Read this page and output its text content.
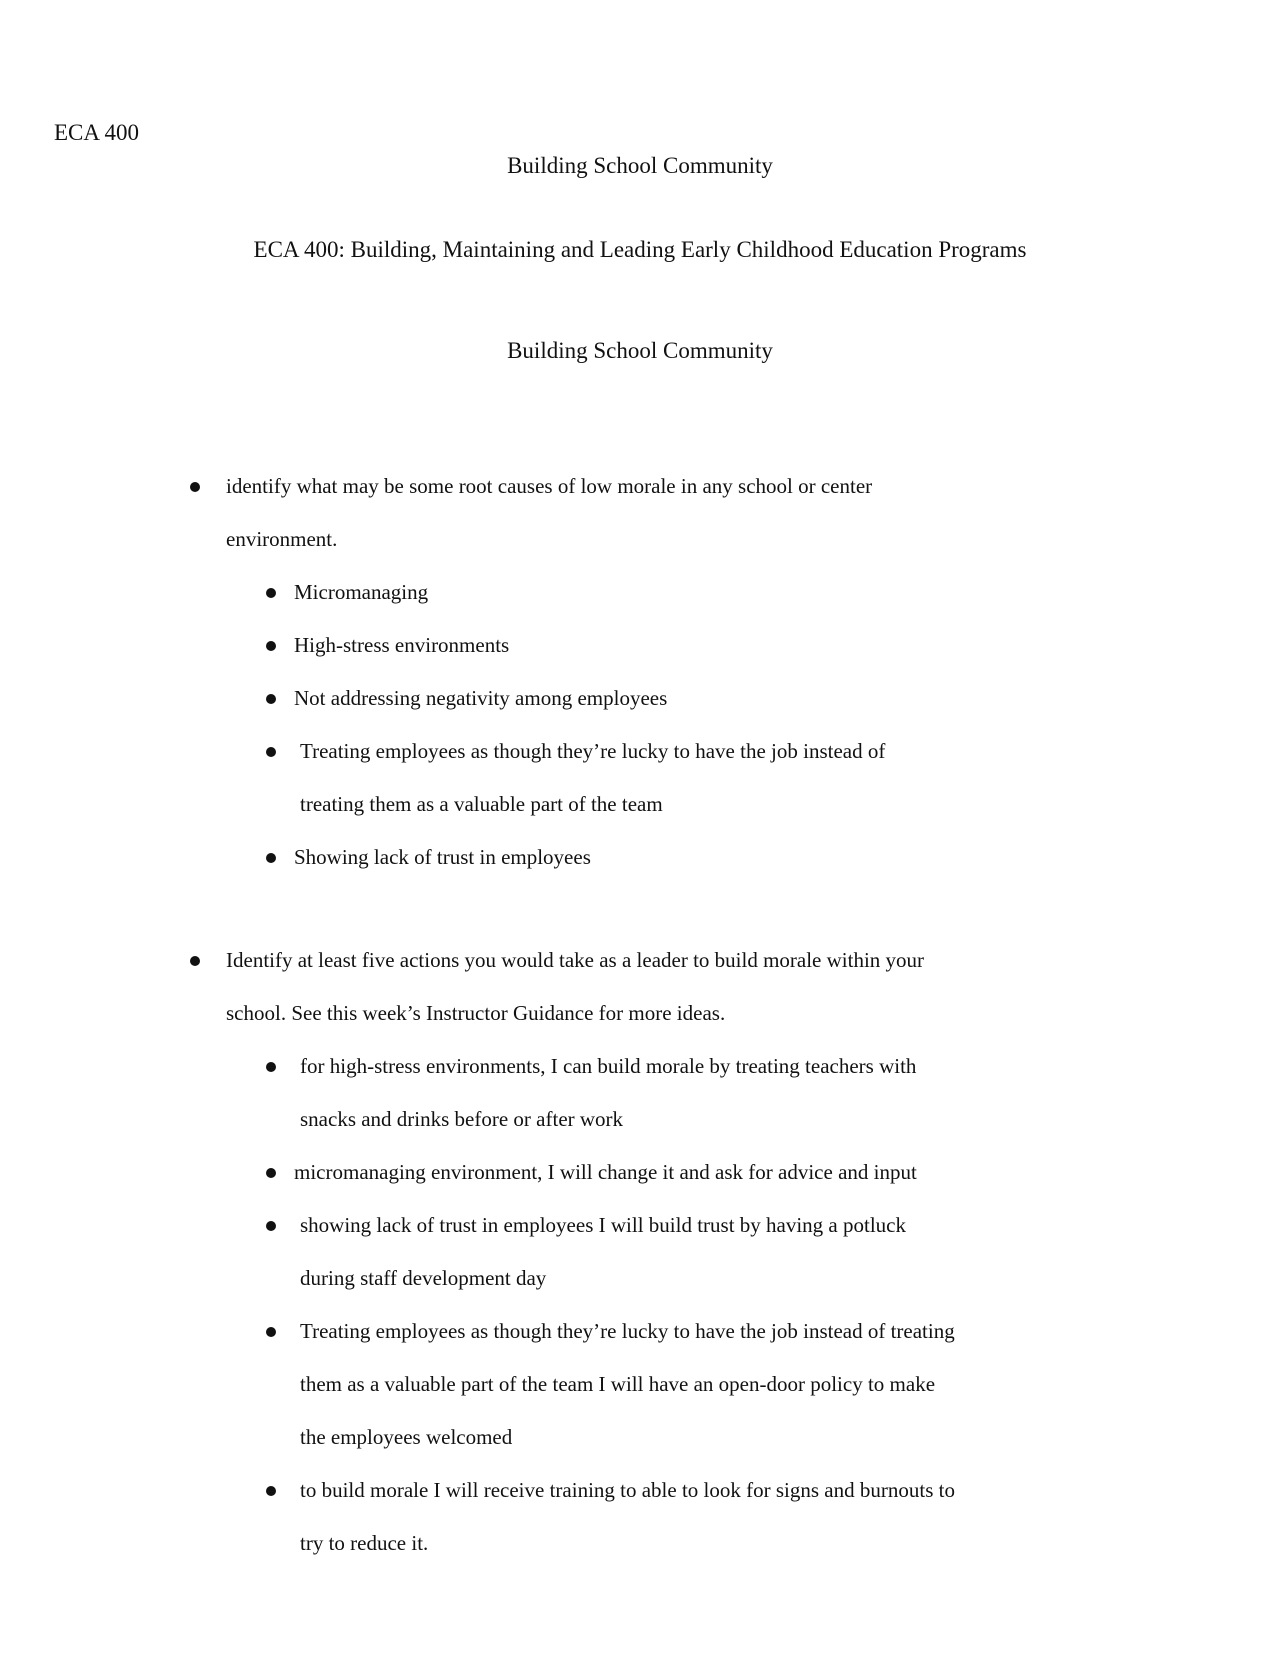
ECA 400
Building School Community
ECA 400: Building, Maintaining and Leading Early Childhood Education Programs
Building School Community
identify what may be some root causes of low morale in any school or center environment.
Micromanaging
High-stress environments
Not addressing negativity among employees
Treating employees as though they’re lucky to have the job instead of treating them as a valuable part of the team
Showing lack of trust in employees
Identify at least five actions you would take as a leader to build morale within your school. See this week’s Instructor Guidance for more ideas.
for high-stress environments, I can build morale by treating teachers with snacks and drinks before or after work
micromanaging environment, I will change it and ask for advice and input
showing lack of trust in employees I will build trust by having a potluck during staff development day
Treating employees as though they’re lucky to have the job instead of treating them as a valuable part of the team I will have an open-door policy to make the employees welcomed
to build morale I will receive training to able to look for signs and burnouts to try to reduce it.
